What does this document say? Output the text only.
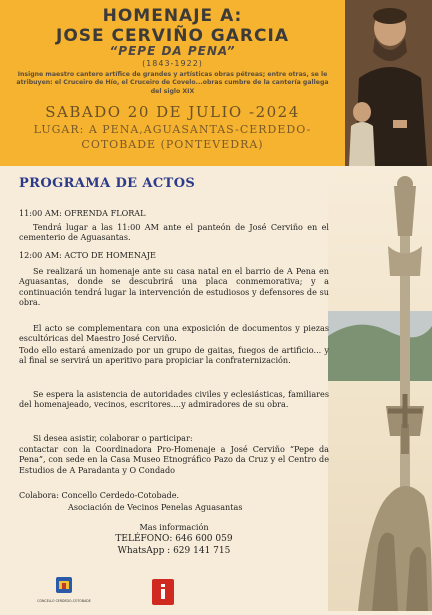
HOMENAJE A:
JOSE CERVIÑO GARCIA
“PEPE DA PENA”
(1843-1922)
Insigne maestro cantero artífice de grandes y artísticas obras pétreas; entre otras, se le atribuyen: el Cruceiro de Hío, el Cruceiro de Covelo...obras cumbre de la cantería gallega del siglo XIX
SABADO 20 DE JULIO -2024
LUGAR: A PENA,AGUASANTAS-CERDEDO-
COTOBADE (PONTEVEDRA)
PROGRAMA DE ACTOS
11:00 AM: OFRENDA FLORAL
Tendrá lugar a las 11:00 AM ante el panteón de José Cerviño en el cementerio de Aguasantas.
12:00 AM: ACTO DE HOMENAJE
Se realizará un homenaje ante su casa natal en el barrio de A Pena en Aguasantas, donde se descubrirá una placa conmemorativa; y a continuación tendrá lugar la intervención de estudiosos y defensores de su obra.
El acto se complementara con una exposición de documentos y piezas escultóricas del Maestro José Cerviño.
Todo ello estará amenizado por un grupo de gaitas, fuegos de artificio... y al final se servirá un aperitivo para propiciar la confraternización.
Se espera la asistencia de autoridades civiles y eclesiásticas, familiares del homenajeado, vecinos, escritores....y admiradores de su obra.
Si desea asistir, colaborar o participar:
contactar con la Coordinadora Pro-Homenaje a José Cerviño “Pepe da Pena”, con sede en la Casa Museo Etnográfico Pazo da Cruz y el Centro de Estudios de A Paradanta y O Condado
Colabora: Concello Cerdedo-Cotobade.
Asociación de Vecinos Penelas Aguasantas
Mas información
TELÉFONO: 646 600 059
WhatsApp : 629 141 715
CONCELLO CERDEDO-COTOBADE
